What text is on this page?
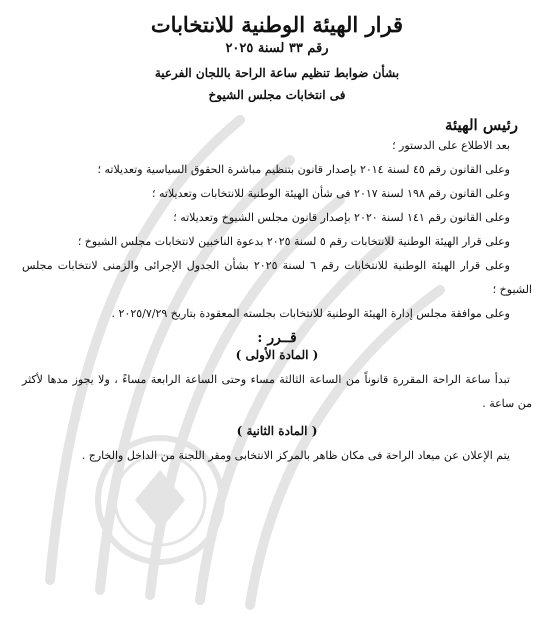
قرار الهيئة الوطنية للانتخابات
رقم ٣٣ لسنة ٢٠٢٥
بشأن ضوابط تنظيم ساعة الراحة باللجان الفرعية
فى انتخابات مجلس الشيوخ
رئيس الهيئة

بعد الاطلاع على الدستور ؛

وعلى القانون رقم ٤٥ لسنة ٢٠١٤ بإصدار قانون بتنظيم مباشرة الحقوق السياسية وتعديلاته ؛

وعلى القانون رقم ١٩٨ لسنة ٢٠١٧ فى شأن الهيئة الوطنية للانتخابات وتعديلاته ؛

وعلى القانون رقم ١٤١ لسنة ٢٠٢٠ بإصدار قانون مجلس الشيوخ وتعديلاته ؛

وعلى قرار الهيئة الوطنية للانتخابات رقم ٥ لسنة ٢٠٢٥ بدعوة الناخبين لانتخابات مجلس الشيوخ ؛

وعلى قرار الهيئة الوطنية للانتخابات رقم ٦ لسنة ٢٠٢٥ بشأن الجدول الإجرائى والزمنى لانتخابات مجلس الشيوخ ؛

وعلى موافقة مجلس إدارة الهيئة الوطنية للانتخابات بجلسته المعقودة بتاريخ ٢٠٢٥/٧/٢٩ .

قــرر :
( المادة الأولى )

تبدأ ساعة الراحة المقررة قانوناً من الساعة الثالثة مساء وحتى الساعة الرابعة مساءً ، ولا يجوز مدها لأكثر من ساعة .

( المادة الثانية )

يتم الإعلان عن ميعاد الراحة فى مكان ظاهر بالمركز الانتخابى ومقر اللجنة من الداخل والخارج .
